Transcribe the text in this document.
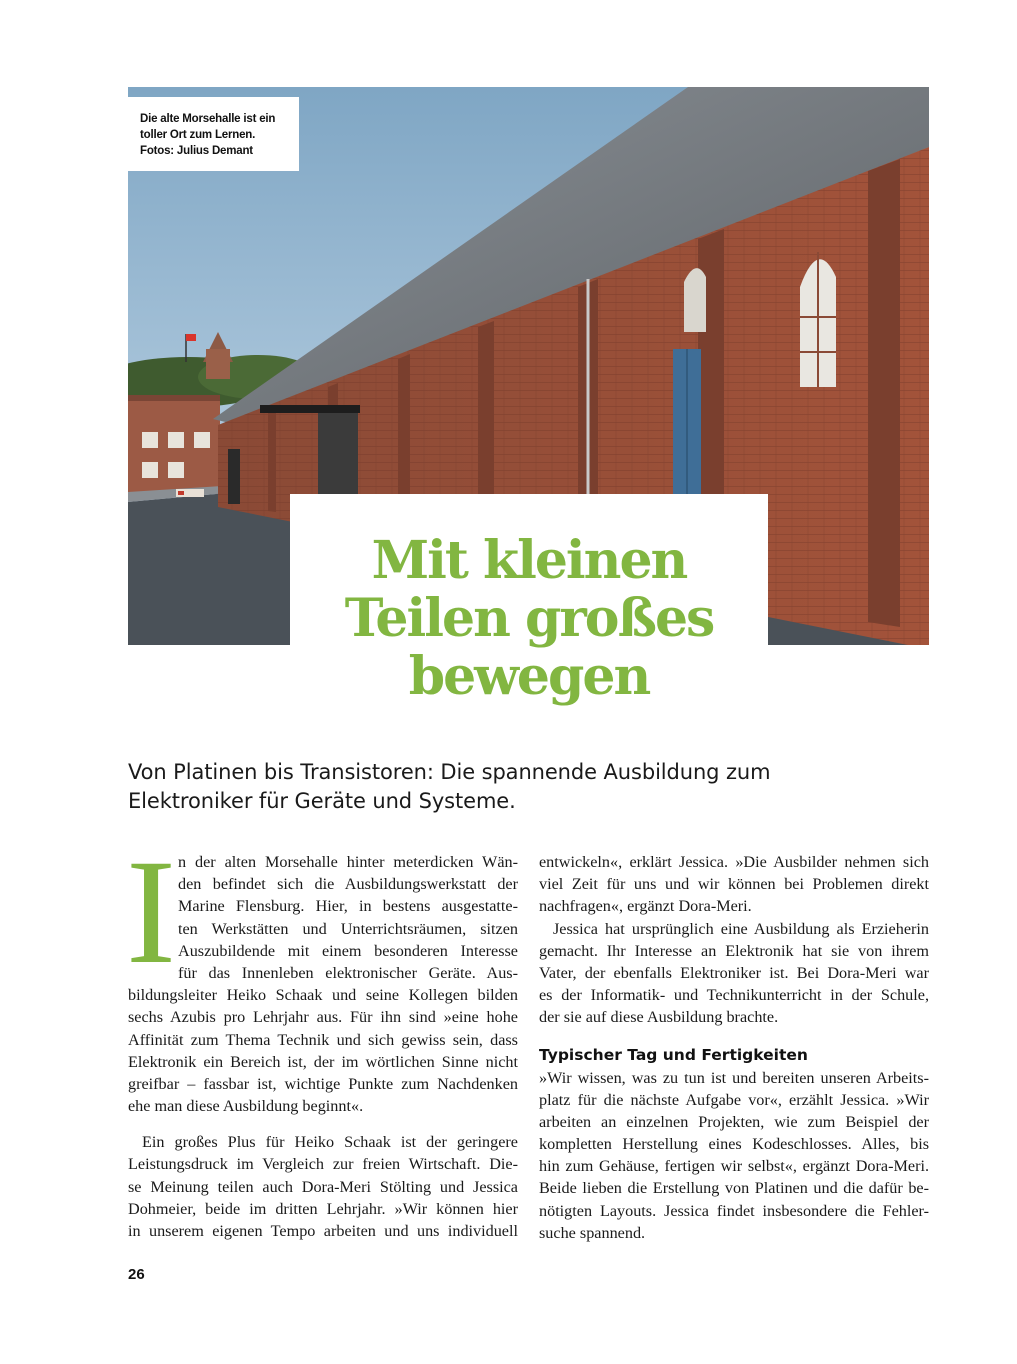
Die alte Morsehalle ist ein
toller Ort zum Lernen.
Fotos: Julius Demant
Mit kleinen
Teilen großes
bewegen
Von Platinen bis Transistoren: Die spannende Ausbildung zum
Elektroniker für Geräte und Systeme.
I n der alten Morsehalle hinter meterdicken Wän-
den befindet sich die Ausbildungswerkstatt der
Marine Flensburg. Hier, in bestens ausgestatte-
ten Werkstätten und Unterrichtsräumen, sitzen
Auszubildende mit einem besonderen Interesse
für das Innenleben elektronischer Geräte. Aus-
bildungsleiter Heiko Schaak und seine Kollegen bilden
sechs Azubis pro Lehrjahr aus. Für ihn sind »eine hohe
Affinität zum Thema Technik und sich gewiss sein, dass
Elektronik ein Bereich ist, der im wörtlichen Sinne nicht
greifbar – fassbar ist, wichtige Punkte zum Nachdenken
ehe man diese Ausbildung beginnt«.
Ein großes Plus für Heiko Schaak ist der geringere
Leistungsdruck im Vergleich zur freien Wirtschaft. Die-
se Meinung teilen auch Dora-Meri Stölting und Jessica
Dohmeier, beide im dritten Lehrjahr. »Wir können hier
in unserem eigenen Tempo arbeiten und uns individuell
entwickeln«, erklärt Jessica. »Die Ausbilder nehmen sich
viel Zeit für uns und wir können bei Problemen direkt
nachfragen«, ergänzt Dora-Meri.
Jessica hat ursprünglich eine Ausbildung als Erzieherin
gemacht. Ihr Interesse an Elektronik hat sie von ihrem
Vater, der ebenfalls Elektroniker ist. Bei Dora-Meri war
es der Informatik- und Technikunterricht in der Schule,
der sie auf diese Ausbildung brachte.
Typischer Tag und Fertigkeiten
»Wir wissen, was zu tun ist und bereiten unseren Arbeits-
platz für die nächste Aufgabe vor«, erzählt Jessica. »Wir
arbeiten an einzelnen Projekten, wie zum Beispiel der
kompletten Herstellung eines Kodeschlosses. Alles, bis
hin zum Gehäuse, fertigen wir selbst«, ergänzt Dora-Meri.
Beide lieben die Erstellung von Platinen und die dafür be-
nötigten Layouts. Jessica findet insbesondere die Fehler-
suche spannend.
26
